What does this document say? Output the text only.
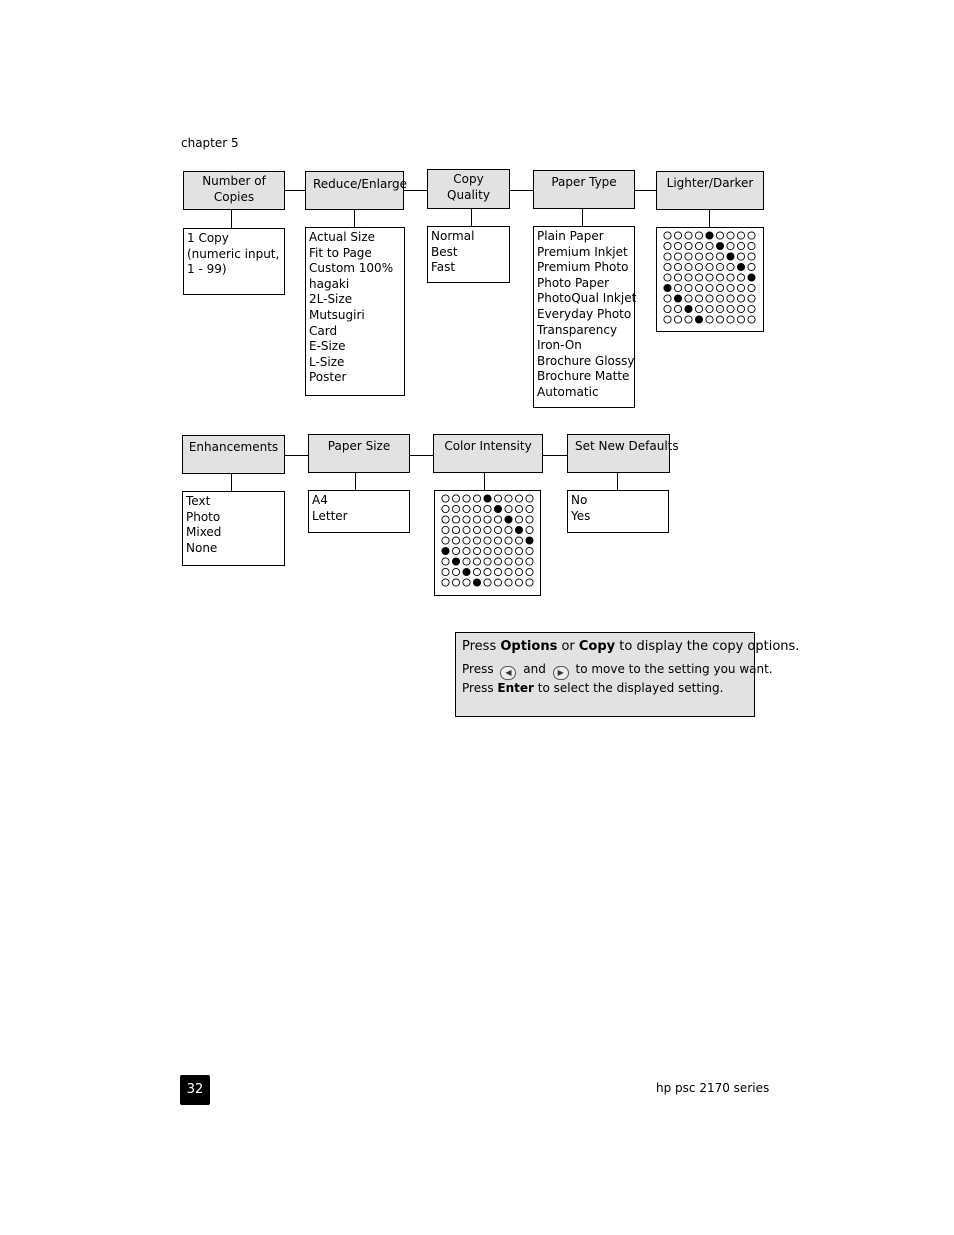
chapter 5
Number of
Copies
1 Copy
(numeric input,
1 - 99)
Reduce/Enlarge
Actual Size
Fit to Page
Custom 100%
hagaki
2L-Size
Mutsugiri
Card
E-Size
L-Size
Poster
Copy
Quality
Normal
Best
Fast
Paper Type
Plain Paper
Premium Inkjet
Premium Photo
Photo Paper
PhotoQual Inkjet
Everyday Photo
Transparency
Iron-On
Brochure Glossy
Brochure Matte
Automatic
Lighter/Darker
Enhancements
Text
Photo
Mixed
None
Paper Size
A4
Letter
Color Intensity	Set New Defaults
No
Yes
Press Options or Copy to display the copy options.
Press ◀ and ▶ to move to the setting you want.
Press Enter to select the displayed setting.
32	hp psc 2170 series
